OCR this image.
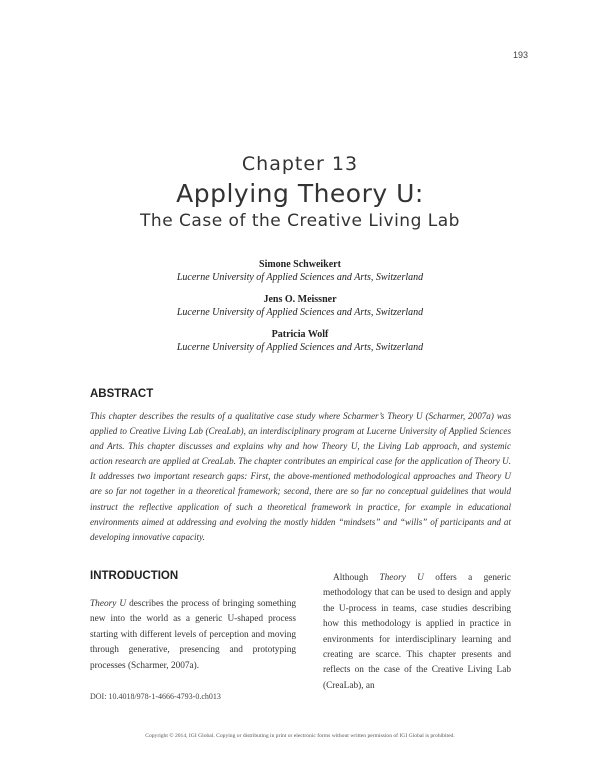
193
Chapter 13
Applying Theory U:
The Case of the Creative Living Lab
Simone Schweikert
Lucerne University of Applied Sciences and Arts, Switzerland
Jens O. Meissner
Lucerne University of Applied Sciences and Arts, Switzerland
Patricia Wolf
Lucerne University of Applied Sciences and Arts, Switzerland
ABSTRACT
This chapter describes the results of a qualitative case study where Scharmer’s Theory U (Scharmer, 2007a) was applied to Creative Living Lab (CreaLab), an interdisciplinary program at Lucerne University of Applied Sciences and Arts. This chapter discusses and explains why and how Theory U, the Living Lab approach, and systemic action research are applied at CreaLab. The chapter contributes an empirical case for the application of Theory U. It addresses two important research gaps: First, the above-mentioned methodological approaches and Theory U are so far not together in a theoretical framework; second, there are so far no conceptual guidelines that would instruct the reflective application of such a theoretical framework in practice, for example in educational environments aimed at addressing and evolving the mostly hidden “mindsets” and “wills” of participants and at developing innovative capacity.
INTRODUCTION
Theory U describes the process of bringing something new into the world as a generic U-shaped process starting with different levels of perception and moving through generative, presencing and prototyping processes (Scharmer, 2007a).
Although Theory U offers a generic methodology that can be used to design and apply the U-process in teams, case studies describing how this methodology is applied in practice in environments for interdisciplinary learning and creating are scarce. This chapter presents and reflects on the case of the Creative Living Lab (CreaLab), an
DOI: 10.4018/978-1-4666-4793-0.ch013
Copyright © 2014, IGI Global. Copying or distributing in print or electronic forms without written permission of IGI Global is prohibited.
